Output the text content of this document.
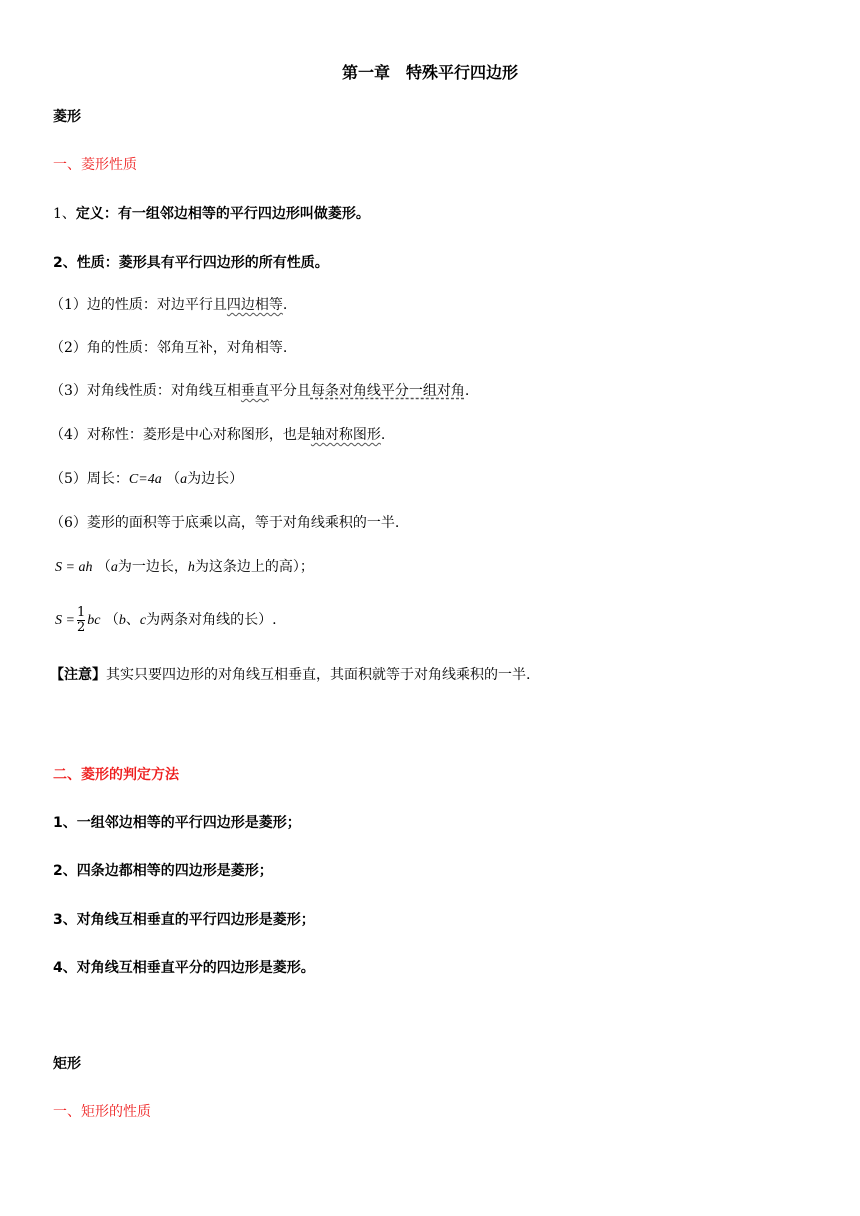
第一章　特殊平行四边形
菱形
一、菱形性质
1、定义：有一组邻边相等的平行四边形叫做菱形。
2、性质：菱形具有平行四边形的所有性质。
（1）边的性质：对边平行且四边相等.
（2）角的性质：邻角互补，对角相等.
（3）对角线性质：对角线互相垂直平分且每条对角线平分一组对角.
（4）对称性：菱形是中心对称图形，也是轴对称图形.
（5）周长：C=4a （a为边长）
（6）菱形的面积等于底乘以高，等于对角线乘积的一半.
S = ah （a为一边长，h为这条边上的高）；
$S = \frac{1}{2}$ bc （b、c为两条对角线的长）.
【注意】其实只要四边形的对角线互相垂直，其面积就等于对角线乘积的一半.
二、菱形的判定方法
1、一组邻边相等的平行四边形是菱形；
2、四条边都相等的四边形是菱形；
3、对角线互相垂直的平行四边形是菱形；
4、对角线互相垂直平分的四边形是菱形。
矩形
一、矩形的性质
